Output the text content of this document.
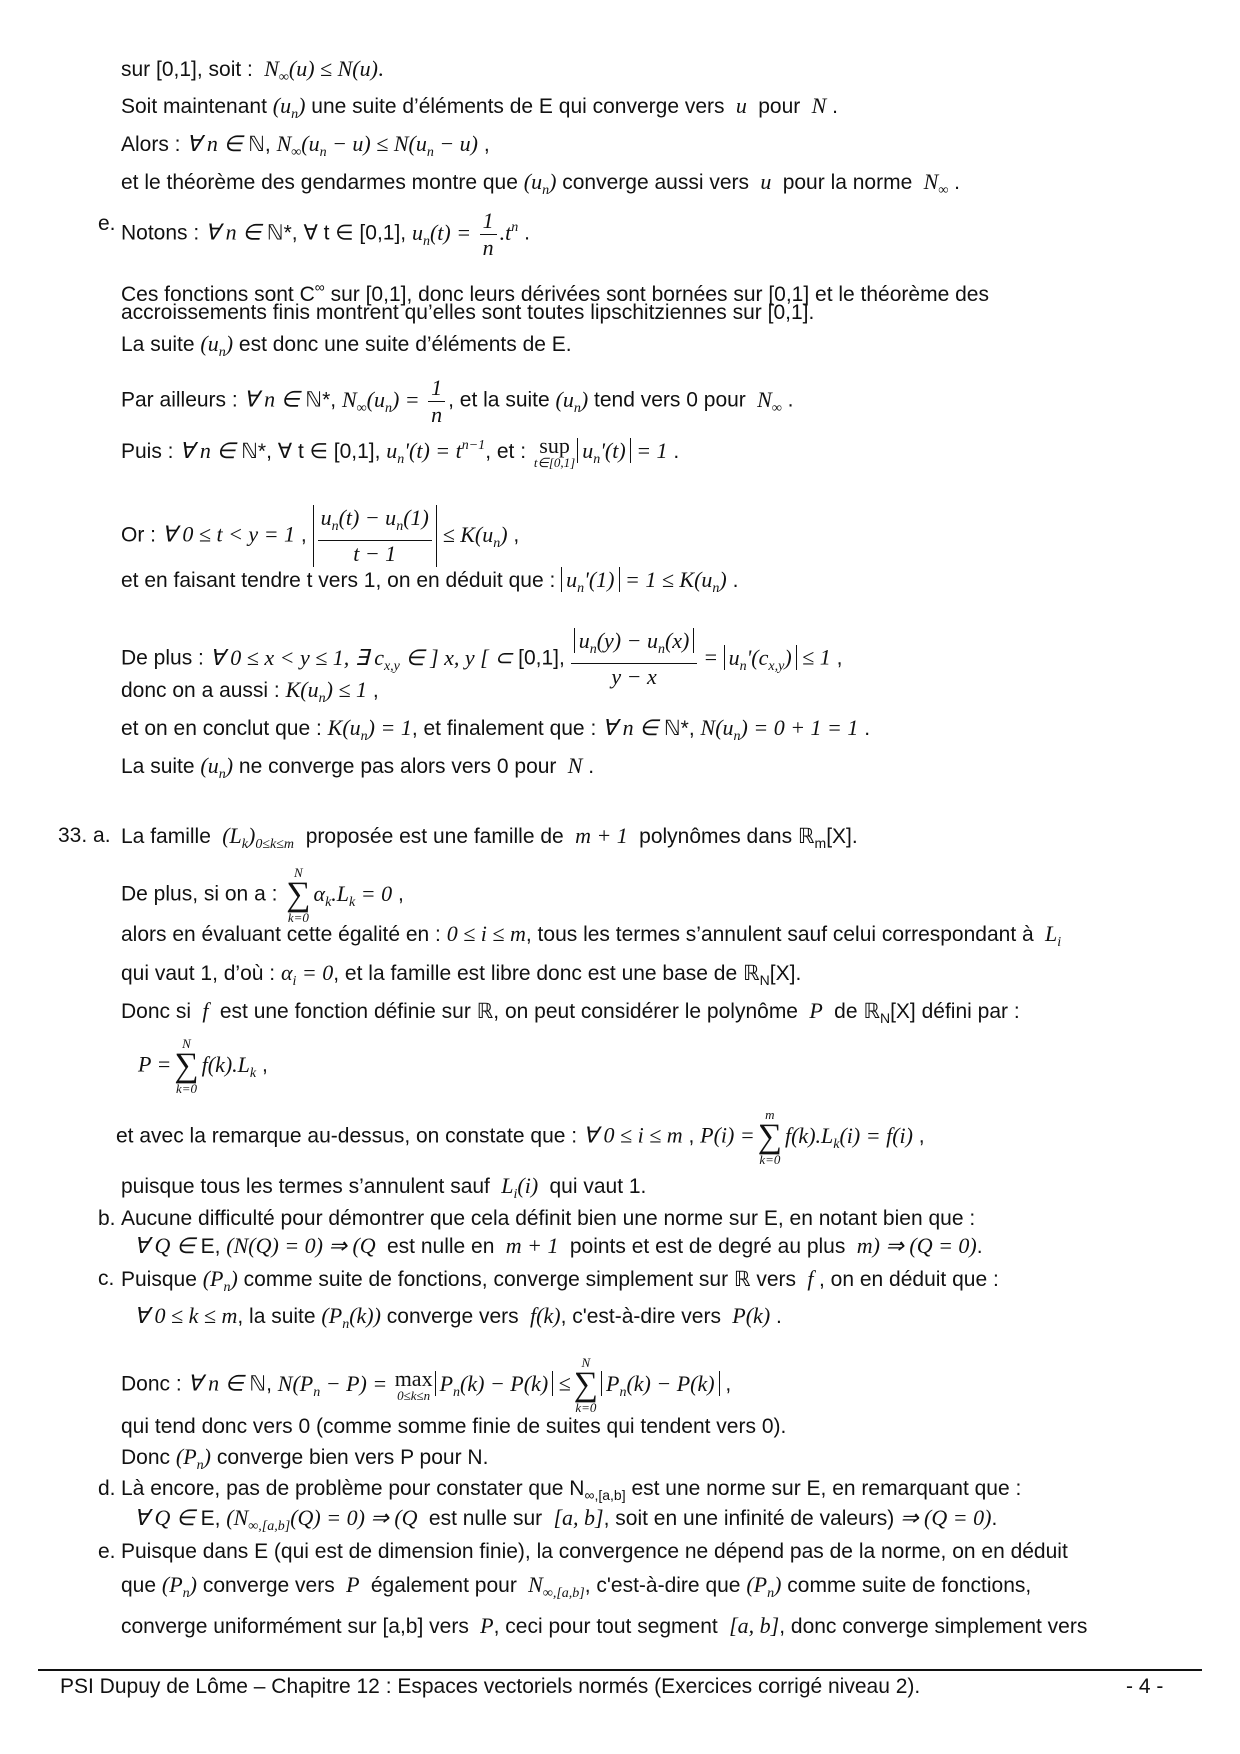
sur [0,1], soit :  $N_\infty(u) \le N(u)$.
Soit maintenant $(u_n)$ une suite d’éléments de E qui converge vers  u  pour  N .
Alors : ∀ n ∈ ℕ, $N_\infty(u_n - u) \le N(u_n - u)$ ,
et le théorème des gendarmes montre que $(u_n)$ converge aussi vers  u  pour la norme  $N_\infty$ .
e. Notons : ∀ n ∈ ℕ*, ∀ t ∈ [0,1], $u_n(t) = \frac{1}{n} .t^n$ .
Ces fonctions sont C∞ sur [0,1], donc leurs dérivées sont bornées sur [0,1] et le théorème des
accroissements finis montrent qu’elles sont toutes lipschitziennes sur [0,1].
La suite $(u_n)$ est donc une suite d’éléments de E.
Par ailleurs : ∀ n ∈ ℕ*, $N_\infty(u_n) = \frac{1}{n}$ , et la suite $(u_n)$ tend vers 0 pour  $N_\infty$ .
Puis : ∀ n ∈ ℕ*, ∀ t ∈ [0,1], $u_n'(t) = t^{n-1}$, et : sup
t∈[0,1] $u_n'(t) = 1$ .
Or : ∀ 0 ≤ t < y = 1 , $\frac{u_n(t) - u_n(1)}{t - 1} \le K(u_n)$ ,
et en faisant tendre t vers 1, on en déduit que : $u_n'(1) = 1 \le K(u_n)$ .
De plus : ∀ 0 ≤ x < y ≤ 1, ∃ $c_{x,y}$ ∈ ] x, y [ ⊂ [0,1], $\frac{u_n(y) - u_n(x)}{y - x} = u_n'(c_{x,y}) \le 1$ ,
donc on a aussi : $K(u_n) \le 1$ ,
et on en conclut que : $K(u_n) = 1$, et finalement que : ∀ n ∈ ℕ*, $N(u_n) = 0 + 1 = 1$ .
La suite $(u_n)$ ne converge pas alors vers 0 pour  N .
33. a. La famille  $(L_k)_{0\le k\le m}$ proposée est une famille de  m + 1  polynômes dans ℝ$_m$[X].
De plus, si on a :
N
∑
k=0
$\alpha_k.L_k = 0$ ,
alors en évaluant cette égalité en : 0 ≤ i ≤ m, tous les termes s’annulent sauf celui correspondant à  $L_i$
qui vaut 1, d’où : $\alpha_i = 0$, et la famille est libre donc est une base de ℝ$_N$[X].
Donc si  f  est une fonction définie sur ℝ, on peut considérer le polynôme  P  de ℝ$_N$[X] défini par :
P =
N
∑
k=0
$f(k).L_k$ ,
et avec la remarque au-dessus, on constate que : ∀ 0 ≤ i ≤ m , P(i) =
m
∑
k=0
$f(k).L_k(i) = f(i)$ ,
puisque tous les termes s’annulent sauf  $L_i(i)$  qui vaut 1.
b. Aucune difficulté pour démontrer que cela définit bien une norme sur E, en notant bien que :
∀ Q ∈ E, (N(Q) = 0) ⇒ (Q  est nulle en  m + 1  points et est de degré au plus  m) ⇒ (Q = 0).
c. Puisque $(P_n)$ comme suite de fonctions, converge simplement sur ℝ vers  f , on en déduit que :
∀ 0 ≤ k ≤ m, la suite $(P_n(k))$ converge vers  f(k), c'est-à-dire vers  P(k) .
Donc : ∀ n ∈ ℕ, $N(P_n - P) = \max$
0≤k≤n $P_n(k) - P(k)$ ≤
N
∑
k=0
$P_n(k) - P(k)$ ,
qui tend donc vers 0 (comme somme finie de suites qui tendent vers 0).
Donc $(P_n)$ converge bien vers P pour N.
d. Là encore, pas de problème pour constater que $N_{\infty,[a,b]}$ est une norme sur E, en remarquant que :
∀ Q ∈ E, $(N_{\infty,[a,b]}(Q) = 0)$ ⇒ (Q  est nulle sur  [a, b], soit en une infinité de valeurs) ⇒ (Q = 0).
e. Puisque dans E (qui est de dimension finie), la convergence ne dépend pas de la norme, on en déduit
que $(P_n)$ converge vers  P  également pour  $N_{\infty,[a,b]}$, c'est-à-dire que $(P_n)$ comme suite de fonctions,
converge uniformément sur [a,b] vers  P, ceci pour tout segment  [a, b], donc converge simplement vers
PSI Dupuy de Lôme – Chapitre 12 : Espaces vectoriels normés (Exercices corrigé niveau 2).	- 4 -
